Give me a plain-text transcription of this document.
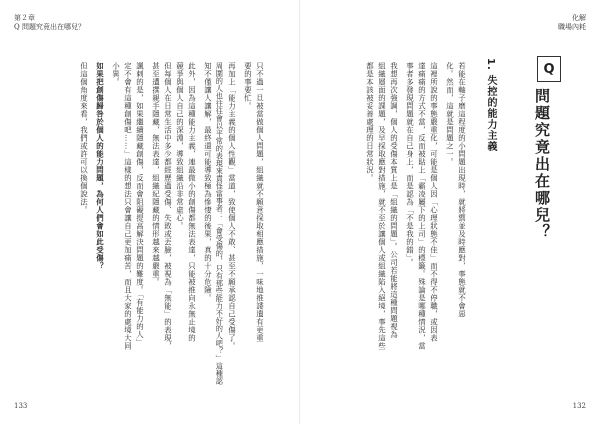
第２章
Q 問題究竟出在哪兒？
只不過一旦被當做個人問題，組織就不願意採取相應措施，一味地推諉遺有更重
要的事要忙。
再加上「能力主義的個人性觀」當道，致使個人不敢、甚至不願承認自己受傷了。
周圍的人也往往會以平常的表現來責怪當事者：「會受傷的，只有那些能力不好的人吧？」這種認
知不僅讓人讓解，最終還可能導致極為慘悽的後果，真的十分危險。
此外，因為這種能力主義，連最微小的創傷都無法表達，只能被推向永無止境的
競爭與個人自己的深淵，導致組織沿非常虛心。
但每個人在日常生活中多少都經歷過受傷、失敗或丟臉，被視為「無能」的表現，
甚至遭撰親手隱藏，無法表達，組織紀隱藏的情形越來越嚴重。
諷刺的是，如果繼續隱藏創傷，反而會阻礙提高解決問題的難度。「有能力的人」
定不會有這種創傷吧……」這樣的想法只會讓自己更加痛苦，而且大家的處境大同
小異。
如果把創傷歸咎於個人的能力問題，為何人們會如此受傷？
但這個角度來看，我們或許可以換個說法。
133
化解
職場內耗
132
Q
問題究竟出在哪兒？
1. 失控的能力主義
若能在軸子磨這程度的小問題出現時，就將禦並及時應對，事態就不會惡
化。然而，這就是問題之一。
這裡所說的事態嚴重化，可能是個人因「心理狀態不佳」而不得不停職，或因表
達痛痛的方式不當，反而被貼上「霸凌屬下的上司」的標籤。殊論是哪種情況，當
事者多發現問題就在自己身上，而是認為「不是我的錯」。
我想再次強調，個人的受傷本質上是「組織的問題」。公司若能將這種問題視為
組織層面的課題，及早採取應對措施，就不至於讓個人或組織陷入絕境，事先這些
都是本該被妥善處理的日常狀況。
